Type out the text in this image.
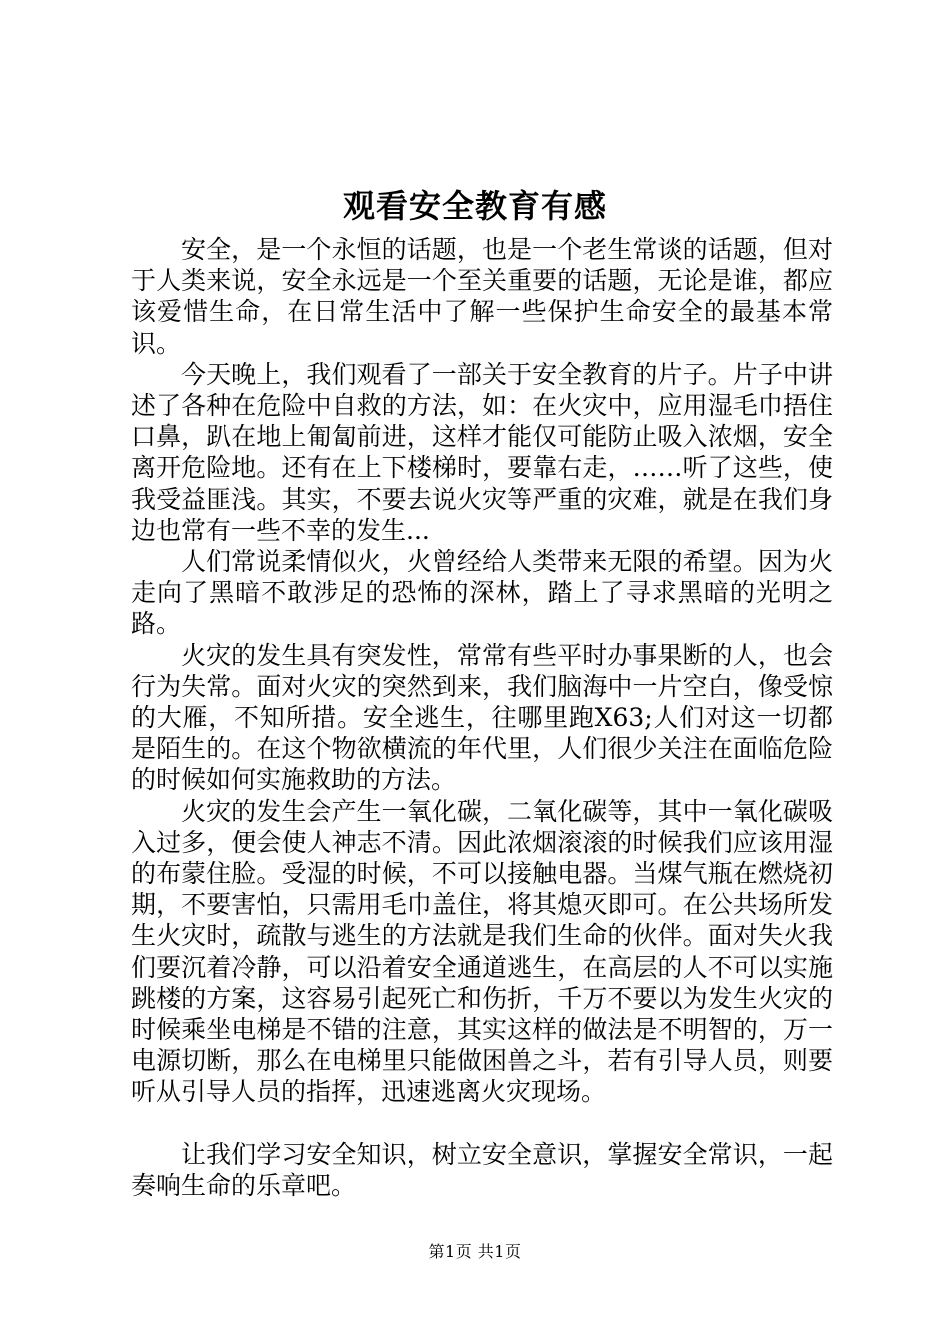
观看安全教育有感

安全，是一个永恒的话题，也是一个老生常谈的话题，但对于人类来说，安全永远是一个至关重要的话题，无论是谁，都应该爱惜生命，在日常生活中了解一些保护生命安全的最基本常识。

今天晚上，我们观看了一部关于安全教育的片子。片子中讲述了各种在危险中自救的方法，如：在火灾中，应用湿毛巾捂住口鼻，趴在地上匍匐前进，这样才能仅可能防止吸入浓烟，安全离开危险地。还有在上下楼梯时，要靠右走，……听了这些，使我受益匪浅。其实，不要去说火灾等严重的灾难，就是在我们身边也常有一些不幸的发生...

人们常说柔情似火，火曾经给人类带来无限的希望。因为火走向了黑暗不敢涉足的恐怖的深林，踏上了寻求黑暗的光明之路。

火灾的发生具有突发性，常常有些平时办事果断的人，也会行为失常。面对火灾的突然到来，我们脑海中一片空白，像受惊的大雁，不知所措。安全逃生，往哪里跑X63;人们对这一切都是陌生的。在这个物欲横流的年代里，人们很少关注在面临危险的时候如何实施救助的方法。

火灾的发生会产生一氧化碳，二氧化碳等，其中一氧化碳吸入过多，便会使人神志不清。因此浓烟滚滚的时候我们应该用湿的布蒙住脸。受湿的时候，不可以接触电器。当煤气瓶在燃烧初期，不要害怕，只需用毛巾盖住，将其熄灭即可。在公共场所发生火灾时，疏散与逃生的方法就是我们生命的伙伴。面对失火我们要沉着冷静，可以沿着安全通道逃生，在高层的人不可以实施跳楼的方案，这容易引起死亡和伤折，千万不要以为发生火灾的时候乘坐电梯是不错的注意，其实这样的做法是不明智的，万一电源切断，那么在电梯里只能做困兽之斗，若有引导人员，则要听从引导人员的指挥，迅速逃离火灾现场。

让我们学习安全知识，树立安全意识，掌握安全常识，一起奏响生命的乐章吧。

第1页 共1页
